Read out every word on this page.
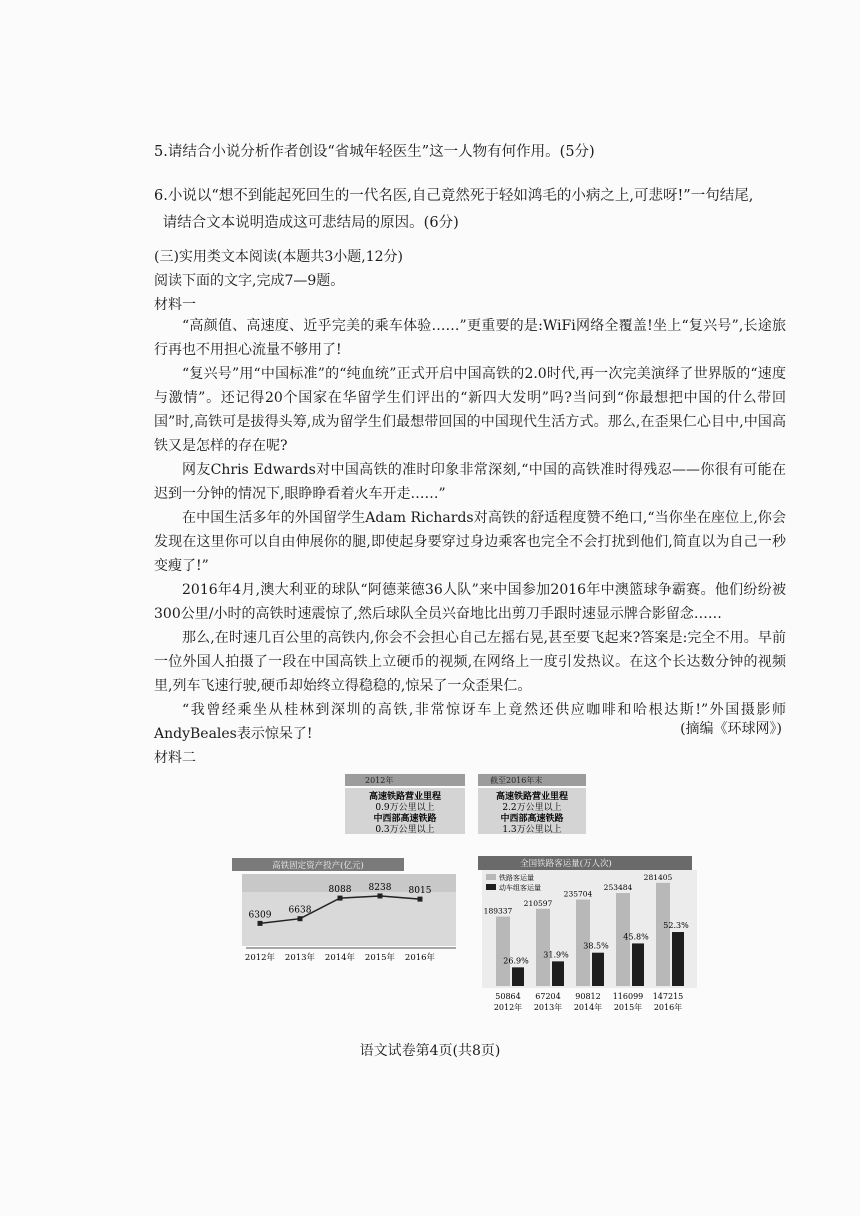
5.请结合小说分析作者创设“省城年轻医生”这一人物有何作用。(5分)

6.小说以“想不到能起死回生的一代名医,自己竟然死于轻如鸿毛的小病之上,可悲呀!”一句结尾,
请结合文本说明造成这可悲结局的原因。(6分)
(三)实用类文本阅读(本题共3小题,12分)
阅读下面的文字,完成7—9题。
材料一

“高颜值、高速度、近乎完美的乘车体验……”更重要的是:WiFi网络全覆盖!坐上“复兴号”,长途旅行再也不用担心流量不够用了!

“复兴号”用“中国标准”的“纯血统”正式开启中国高铁的2.0时代,再一次完美演绎了世界版的“速度与激情”。还记得20个国家在华留学生们评出的“新四大发明”吗?当问到“你最想把中国的什么带回国”时,高铁可是拔得头筹,成为留学生们最想带回国的中国现代生活方式。那么,在歪果仁心目中,中国高铁又是怎样的存在呢?

网友Chris Edwards对中国高铁的准时印象非常深刻,“中国的高铁准时得残忍——你很有可能在迟到一分钟的情况下,眼睁睁看着火车开走……”

在中国生活多年的外国留学生Adam Richards对高铁的舒适程度赞不绝口,“当你坐在座位上,你会发现在这里你可以自由伸展你的腿,即使起身要穿过身边乘客也完全不会打扰到他们,简直以为自己一秒变瘦了!”

2016年4月,澳大利亚的球队“阿德莱德36人队”来中国参加2016年中澳篮球争霸赛。他们纷纷被300公里/小时的高铁时速震惊了,然后球队全员兴奋地比出剪刀手跟时速显示牌合影留念……

那么,在时速几百公里的高铁内,你会不会担心自己左摇右晃,甚至要飞起来?答案是:完全不用。早前一位外国人拍摄了一段在中国高铁上立硬币的视频,在网络上一度引发热议。在这个长达数分钟的视频里,列车飞速行驶,硬币却始终立得稳稳的,惊呆了一众歪果仁。

“我曾经乘坐从桂林到深圳的高铁,非常惊讶车上竟然还供应咖啡和哈根达斯!”外国摄影师AndyBeales表示惊呆了!	(摘编《环球网》)
材料二
2012年
高速铁路营业里程
0.9万公里以上
中西部高速铁路
0.3万公里以上
截至2016年末
高速铁路营业里程
2.2万公里以上
中西部高速铁路
1.3万公里以上
高铁固定资产投产(亿元)
6309
2012年
6638
2013年
8088
2014年
8238
2015年
8015
2016年
全国铁路客运量(万人次)
铁路客运量
动车组客运量
189337
26.9%
50864
2012年
210597
31.9%
67204
2013年
235704
38.5%
90812
2014年
253484
45.8%
116099
2015年
281405
52.3%
147215
2016年
语文试卷第4页(共8页)
